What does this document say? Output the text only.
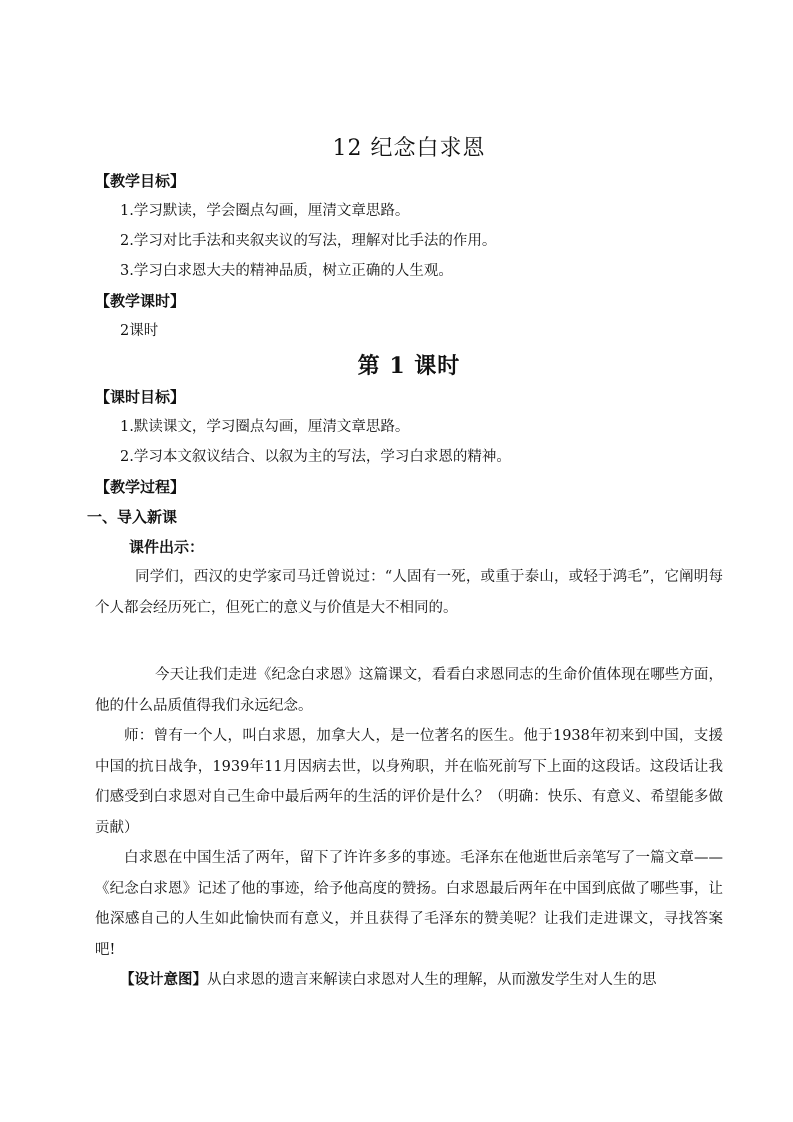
12 纪念白求恩

【教学目标】

1.学习默读，学会圈点勾画，厘清文章思路。

2.学习对比手法和夹叙夹议的写法，理解对比手法的作用。

3.学习白求恩大夫的精神品质，树立正确的人生观。

【教学课时】

2课时

第 1 课时

【课时目标】

1.默读课文，学习圈点勾画，厘清文章思路。

2.学习本文叙议结合、以叙为主的写法，学习白求恩的精神。

【教学过程】

一、导入新课

课件出示：

同学们，西汉的史学家司马迁曾说过：“人固有一死，或重于泰山，或轻于鸿毛”，它阐明每个人都会经历死亡，但死亡的意义与价值是大不相同的。

今天让我们走进《纪念白求恩》这篇课文，看看白求恩同志的生命价值体现在哪些方面，他的什么品质值得我们永远纪念。

师：曾有一个人，叫白求恩，加拿大人，是一位著名的医生。他于1938年初来到中国，支援中国的抗日战争，1939年11月因病去世，以身殉职，并在临死前写下上面的这段话。这段话让我们感受到白求恩对自己生命中最后两年的生活的评价是什么？（明确：快乐、有意义、希望能多做贡献）

白求恩在中国生活了两年，留下了许许多多的事迹。毛泽东在他逝世后亲笔写了一篇文章——《纪念白求恩》记述了他的事迹，给予他高度的赞扬。白求恩最后两年在中国到底做了哪些事，让他深感自己的人生如此愉快而有意义，并且获得了毛泽东的赞美呢？让我们走进课文，寻找答案吧!

【设计意图】从白求恩的遗言来解读白求恩对人生的理解，从而激发学生对人生的思
